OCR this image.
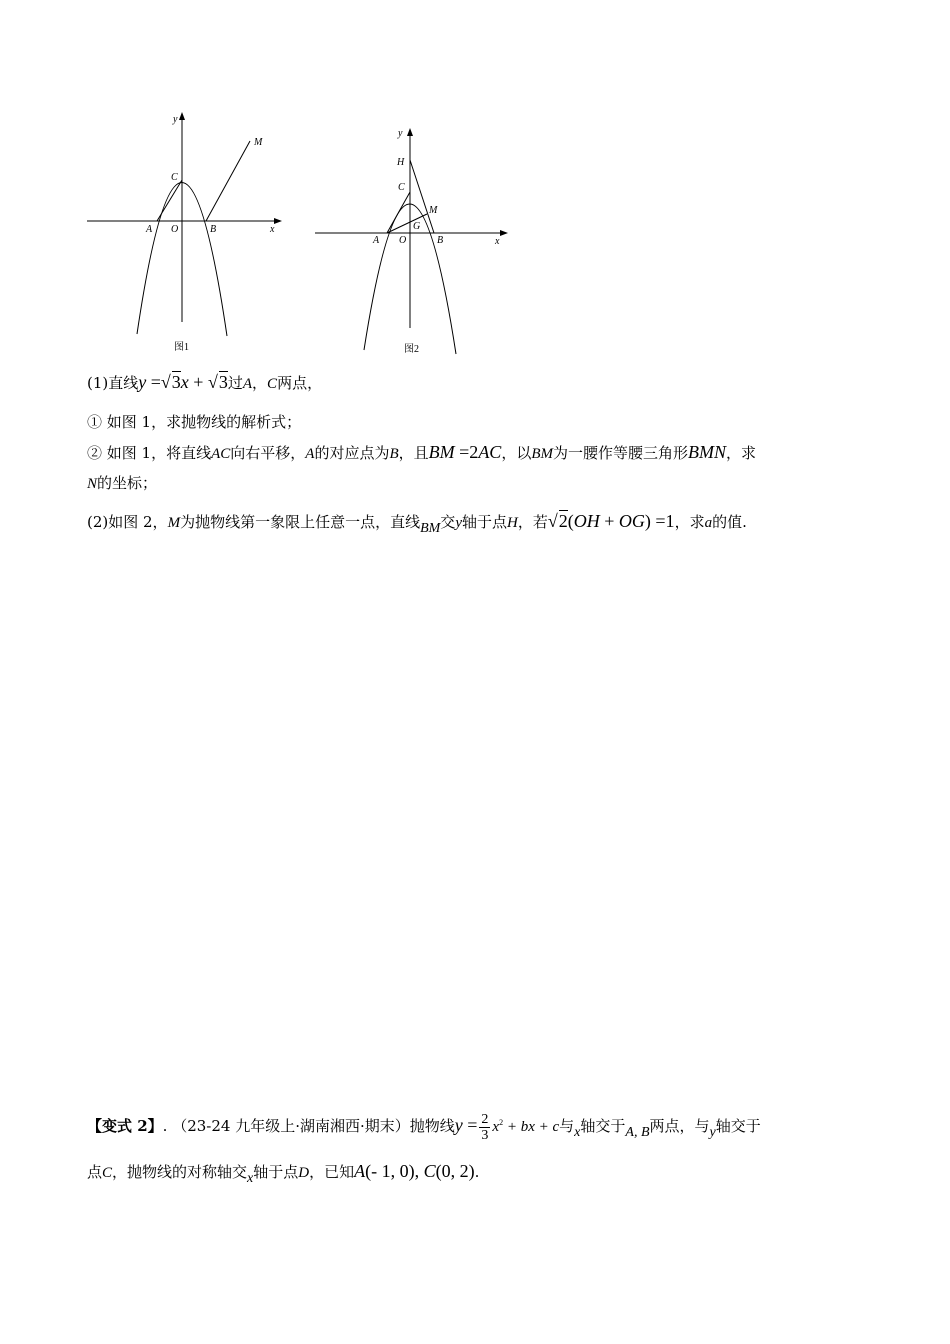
y
x
C
A O	B
M
图1
y
x
H
C
M
G
A O	B
图2
(1)直线y =√3x + √3过A，C两点，
① 如图 1，求抛物线的解析式；
② 如图 1，将直线AC向右平移，A的对应点为B，且BM =2AC，以BM为一腰作等腰三角形BMN，求
N的坐标；
(2)如图 2，M为抛物线第一象限上任意一点，直线BM交y轴于点H，若√2(OH + OG) =1，求a的值.
【变式 2】. （23-24 九年级上·湖南湘西·期末）抛物线$y = \frac{2}{3} x^2$ + bx + c与x轴交于A, B两点，与y轴交于
点C，抛物线的对称轴交x轴于点D，已知A(- 1, 0), C(0, 2).
